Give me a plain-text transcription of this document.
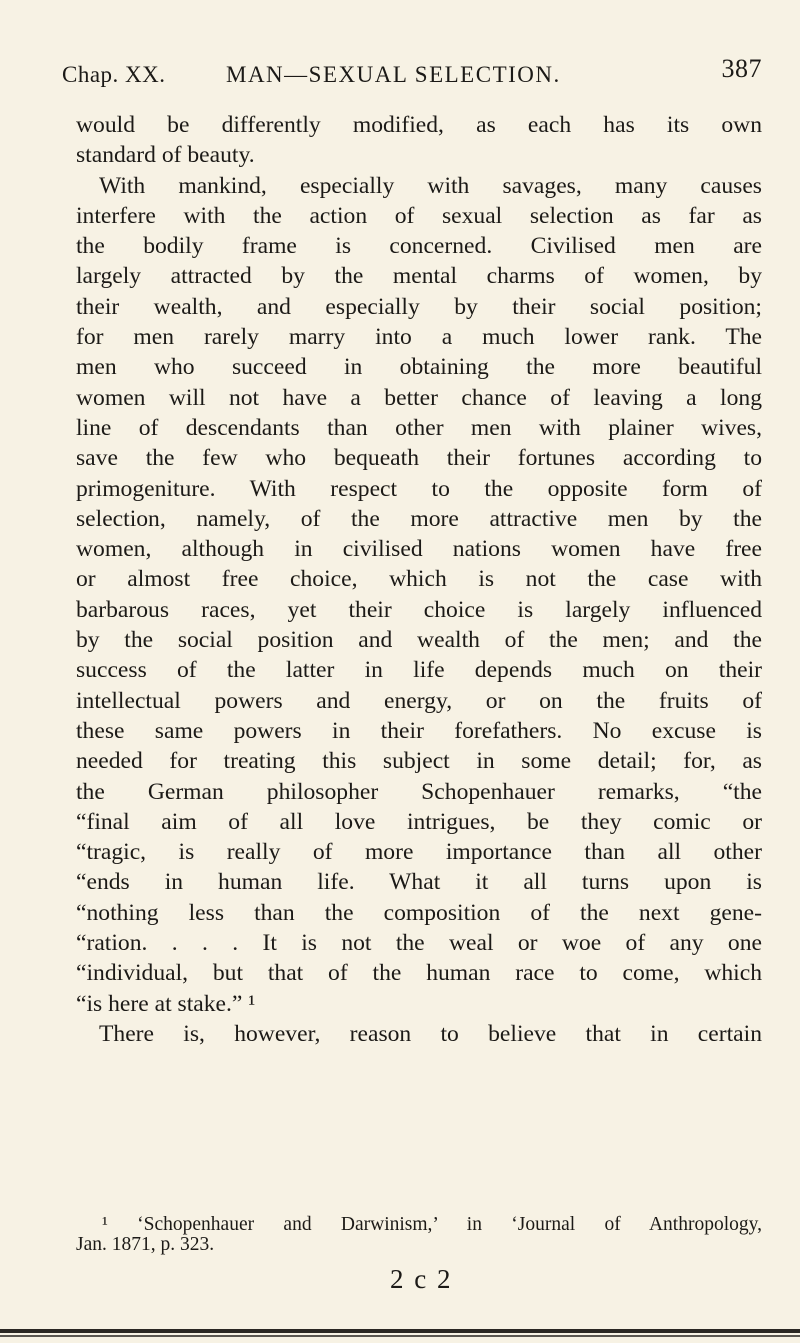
Chap. XX.	MAN—SEXUAL SELECTION.	387
would be differently modified, as each has its own
standard of beauty.
With mankind, especially with savages, many causes
interfere with the action of sexual selection as far as
the bodily frame is concerned. Civilised men are
largely attracted by the mental charms of women, by
their wealth, and especially by their social position;
for men rarely marry into a much lower rank. The
men who succeed in obtaining the more beautiful
women will not have a better chance of leaving a long
line of descendants than other men with plainer wives,
save the few who bequeath their fortunes according to
primogeniture. With respect to the opposite form of
selection, namely, of the more attractive men by the
women, although in civilised nations women have free
or almost free choice, which is not the case with
barbarous races, yet their choice is largely influenced
by the social position and wealth of the men; and the
success of the latter in life depends much on their
intellectual powers and energy, or on the fruits of
these same powers in their forefathers. No excuse is
needed for treating this subject in some detail; for, as
the German philosopher Schopenhauer remarks, “the
“final aim of all love intrigues, be they comic or
“tragic, is really of more importance than all other
“ends in human life. What it all turns upon is
“nothing less than the composition of the next gene-
“ration. . . . It is not the weal or woe of any one
“individual, but that of the human race to come, which
“is here at stake.” ¹
There is, however, reason to believe that in certain
¹ ‘Schopenhauer and Darwinism,’ in ‘Journal of Anthropology,
Jan. 1871, p. 323.
2 c 2
